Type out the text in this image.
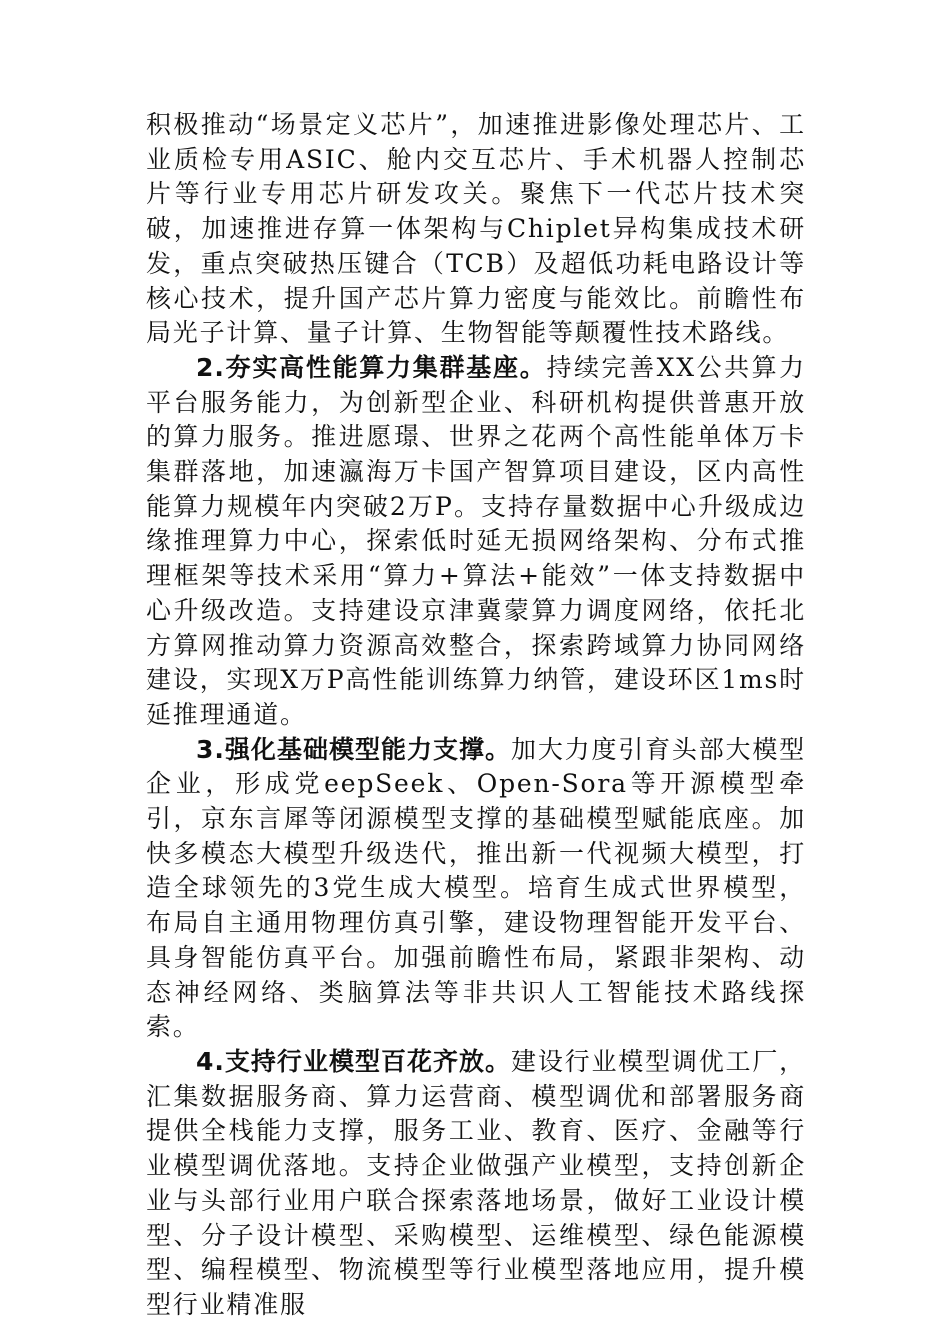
积极推动“场景定义芯片”，加速推进影像处理芯片、工业质检专用ASIC、舱内交互芯片、手术机器人控制芯片等行业专用芯片研发攻关。聚焦下一代芯片技术突破，加速推进存算一体架构与Chiplet异构集成技术研发，重点突破热压键合（TCB）及超低功耗电路设计等核心技术，提升国产芯片算力密度与能效比。前瞻性布局光子计算、量子计算、生物智能等颠覆性技术路线。

2.夯实高性能算力集群基座。持续完善XX公共算力平台服务能力，为创新型企业、科研机构提供普惠开放的算力服务。推进愿璟、世界之花两个高性能单体万卡集群落地，加速瀛海万卡国产智算项目建设，区内高性能算力规模年内突破2万P。支持存量数据中心升级成边缘推理算力中心，探索低时延无损网络架构、分布式推理框架等技术采用“算力+算法+能效”一体支持数据中心升级改造。支持建设京津冀蒙算力调度网络，依托北方算网推动算力资源高效整合，探索跨域算力协同网络建设，实现X万P高性能训练算力纳管，建设环区1ms时延推理通道。

3.强化基础模型能力支撑。加大力度引育头部大模型企业，形成党eepSeek、Open-Sora等开源模型牵引，京东言犀等闭源模型支撑的基础模型赋能底座。加快多模态大模型升级迭代，推出新一代视频大模型，打造全球领先的3党生成大模型。培育生成式世界模型，布局自主通用物理仿真引擎，建设物理智能开发平台、具身智能仿真平台。加强前瞻性布局，紧跟非架构、动态神经网络、类脑算法等非共识人工智能技术路线探索。

4.支持行业模型百花齐放。建设行业模型调优工厂，汇集数据服务商、算力运营商、模型调优和部署服务商提供全栈能力支撑，服务工业、教育、医疗、金融等行业模型调优落地。支持企业做强产业模型，支持创新企业与头部行业用户联合探索落地场景，做好工业设计模型、分子设计模型、采购模型、运维模型、绿色能源模型、编程模型、物流模型等行业模型落地应用，提升模型行业精准服
